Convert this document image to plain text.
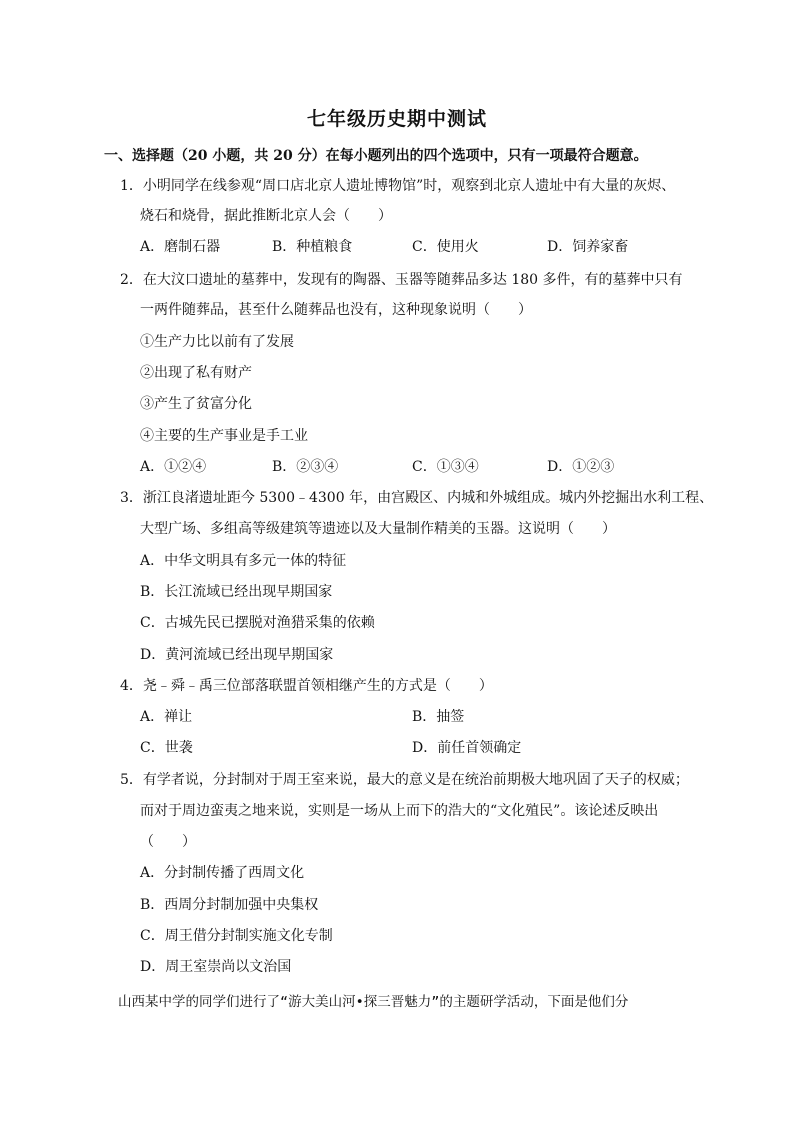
七年级历史期中测试
一、选择题（20 小题，共 20 分）在每小题列出的四个选项中，只有一项最符合题意。
1．小明同学在线参观“周口店北京人遗址博物馆”时，观察到北京人遗址中有大量的灰烬、
烧石和烧骨，据此推断北京人会（　　）
A．磨制石器	B．种植粮食	C．使用火	D．饲养家畜
2．在大汶口遗址的墓葬中，发现有的陶器、玉器等随葬品多达 180 多件，有的墓葬中只有
一两件随葬品，甚至什么随葬品也没有，这种现象说明（　　）
①生产力比以前有了发展
②出现了私有财产
③产生了贫富分化
④主要的生产事业是手工业
A．①②④	B．②③④	C．①③④	D．①②③
3．浙江良渚遗址距今 5300﹣4300 年，由宫殿区、内城和外城组成。城内外挖掘出水利工程、
大型广场、多组高等级建筑等遗迹以及大量制作精美的玉器。这说明（　　）
A．中华文明具有多元一体的特征
B．长江流域已经出现早期国家
C．古城先民已摆脱对渔猎采集的依赖
D．黄河流域已经出现早期国家
4．尧﹣舜﹣禹三位部落联盟首领相继产生的方式是（　　）
A．禅让	B．抽签
C．世袭	D．前任首领确定
5．有学者说，分封制对于周王室来说，最大的意义是在统治前期极大地巩固了天子的权威；
而对于周边蛮夷之地来说，实则是一场从上而下的浩大的“文化殖民”。该论述反映出
（　　）
A．分封制传播了西周文化
B．西周分封制加强中央集权
C．周王借分封制实施文化专制
D．周王室崇尚以文治国
山西某中学的同学们进行了“游大美山河•探三晋魅力”的主题研学活动，下面是他们分
